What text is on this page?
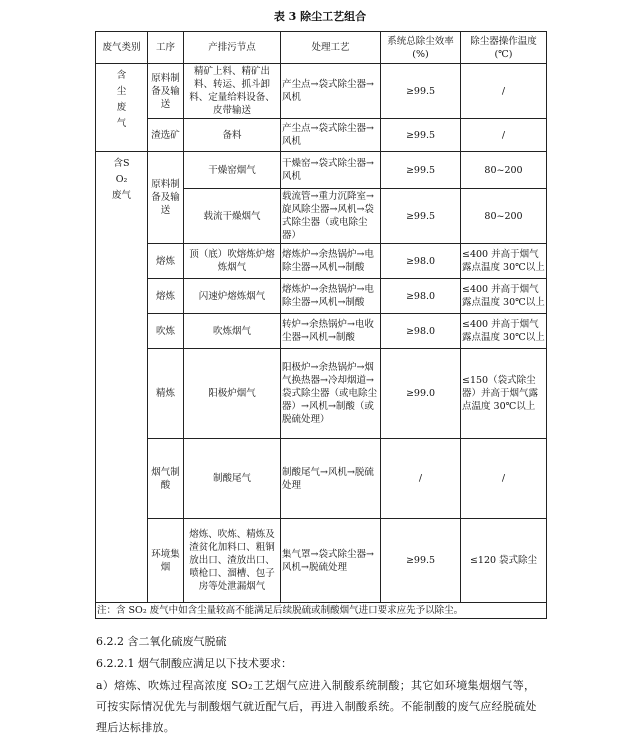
表 3 除尘工艺组合
废气类别	工序	产排污节点	处理工艺	系统总除尘效率(%)	除尘器操作温度(℃)
含尘废气	原料制备及输送	精矿上料、精矿出料、转运、抓斗卸料、定量给料设备、皮带输送	产尘点→袋式除尘器→风机	≥99.5	/
	渣选矿	备料	产尘点→袋式除尘器→风机	≥99.5	/
含SO₂废气	原料制备及输送	干燥窑烟气	干燥窑→袋式除尘器→风机	≥99.5	80~200
		载流干燥烟气	载流管→重力沉降室→旋风除尘器→风机→袋式除尘器（或电除尘器）	≥99.5	80~200
	熔炼	顶（底）吹熔炼炉熔炼烟气	熔炼炉→余热锅炉→电除尘器→风机→制酸	≥98.0	≤400 并高于烟气露点温度 30℃以上
	熔炼	闪速炉熔炼烟气	熔炼炉→余热锅炉→电除尘器→风机→制酸	≥98.0	≤400 并高于烟气露点温度 30℃以上
	吹炼	吹炼烟气	转炉→余热锅炉→电收尘器→风机→制酸	≥98.0	≤400 并高于烟气露点温度 30℃以上
	精炼	阳极炉烟气	阳极炉→余热锅炉→烟气换热器→冷却烟道→袋式除尘器（或电除尘器）→风机→制酸（或脱硫处理）	≥99.0	≤150（袋式除尘器）并高于烟气露点温度 30℃以上
	烟气制酸	制酸尾气	制酸尾气→风机→脱硫处理	/	/
	环境集烟	熔炼、吹炼、精炼及渣贫化加料口、粗铜放出口、渣放出口、喷枪口、溜槽、包子房等处泄漏烟气	集气罩→袋式除尘器→风机→脱硫处理	≥99.5	≤120 袋式除尘
注：含 SO₂ 废气中如含尘量较高不能满足后续脱硫或制酸烟气进口要求应先予以除尘。					
6.2.2 含二氧化硫废气脱硫
6.2.2.1 烟气制酸应满足以下技术要求：
a）熔炼、吹炼过程高浓度 SO₂工艺烟气应进入制酸系统制酸；其它如环境集烟烟气等，可按实际情况优先与制酸烟气就近配气后，再进入制酸系统。不能制酸的废气应经脱硫处理后达标排放。
